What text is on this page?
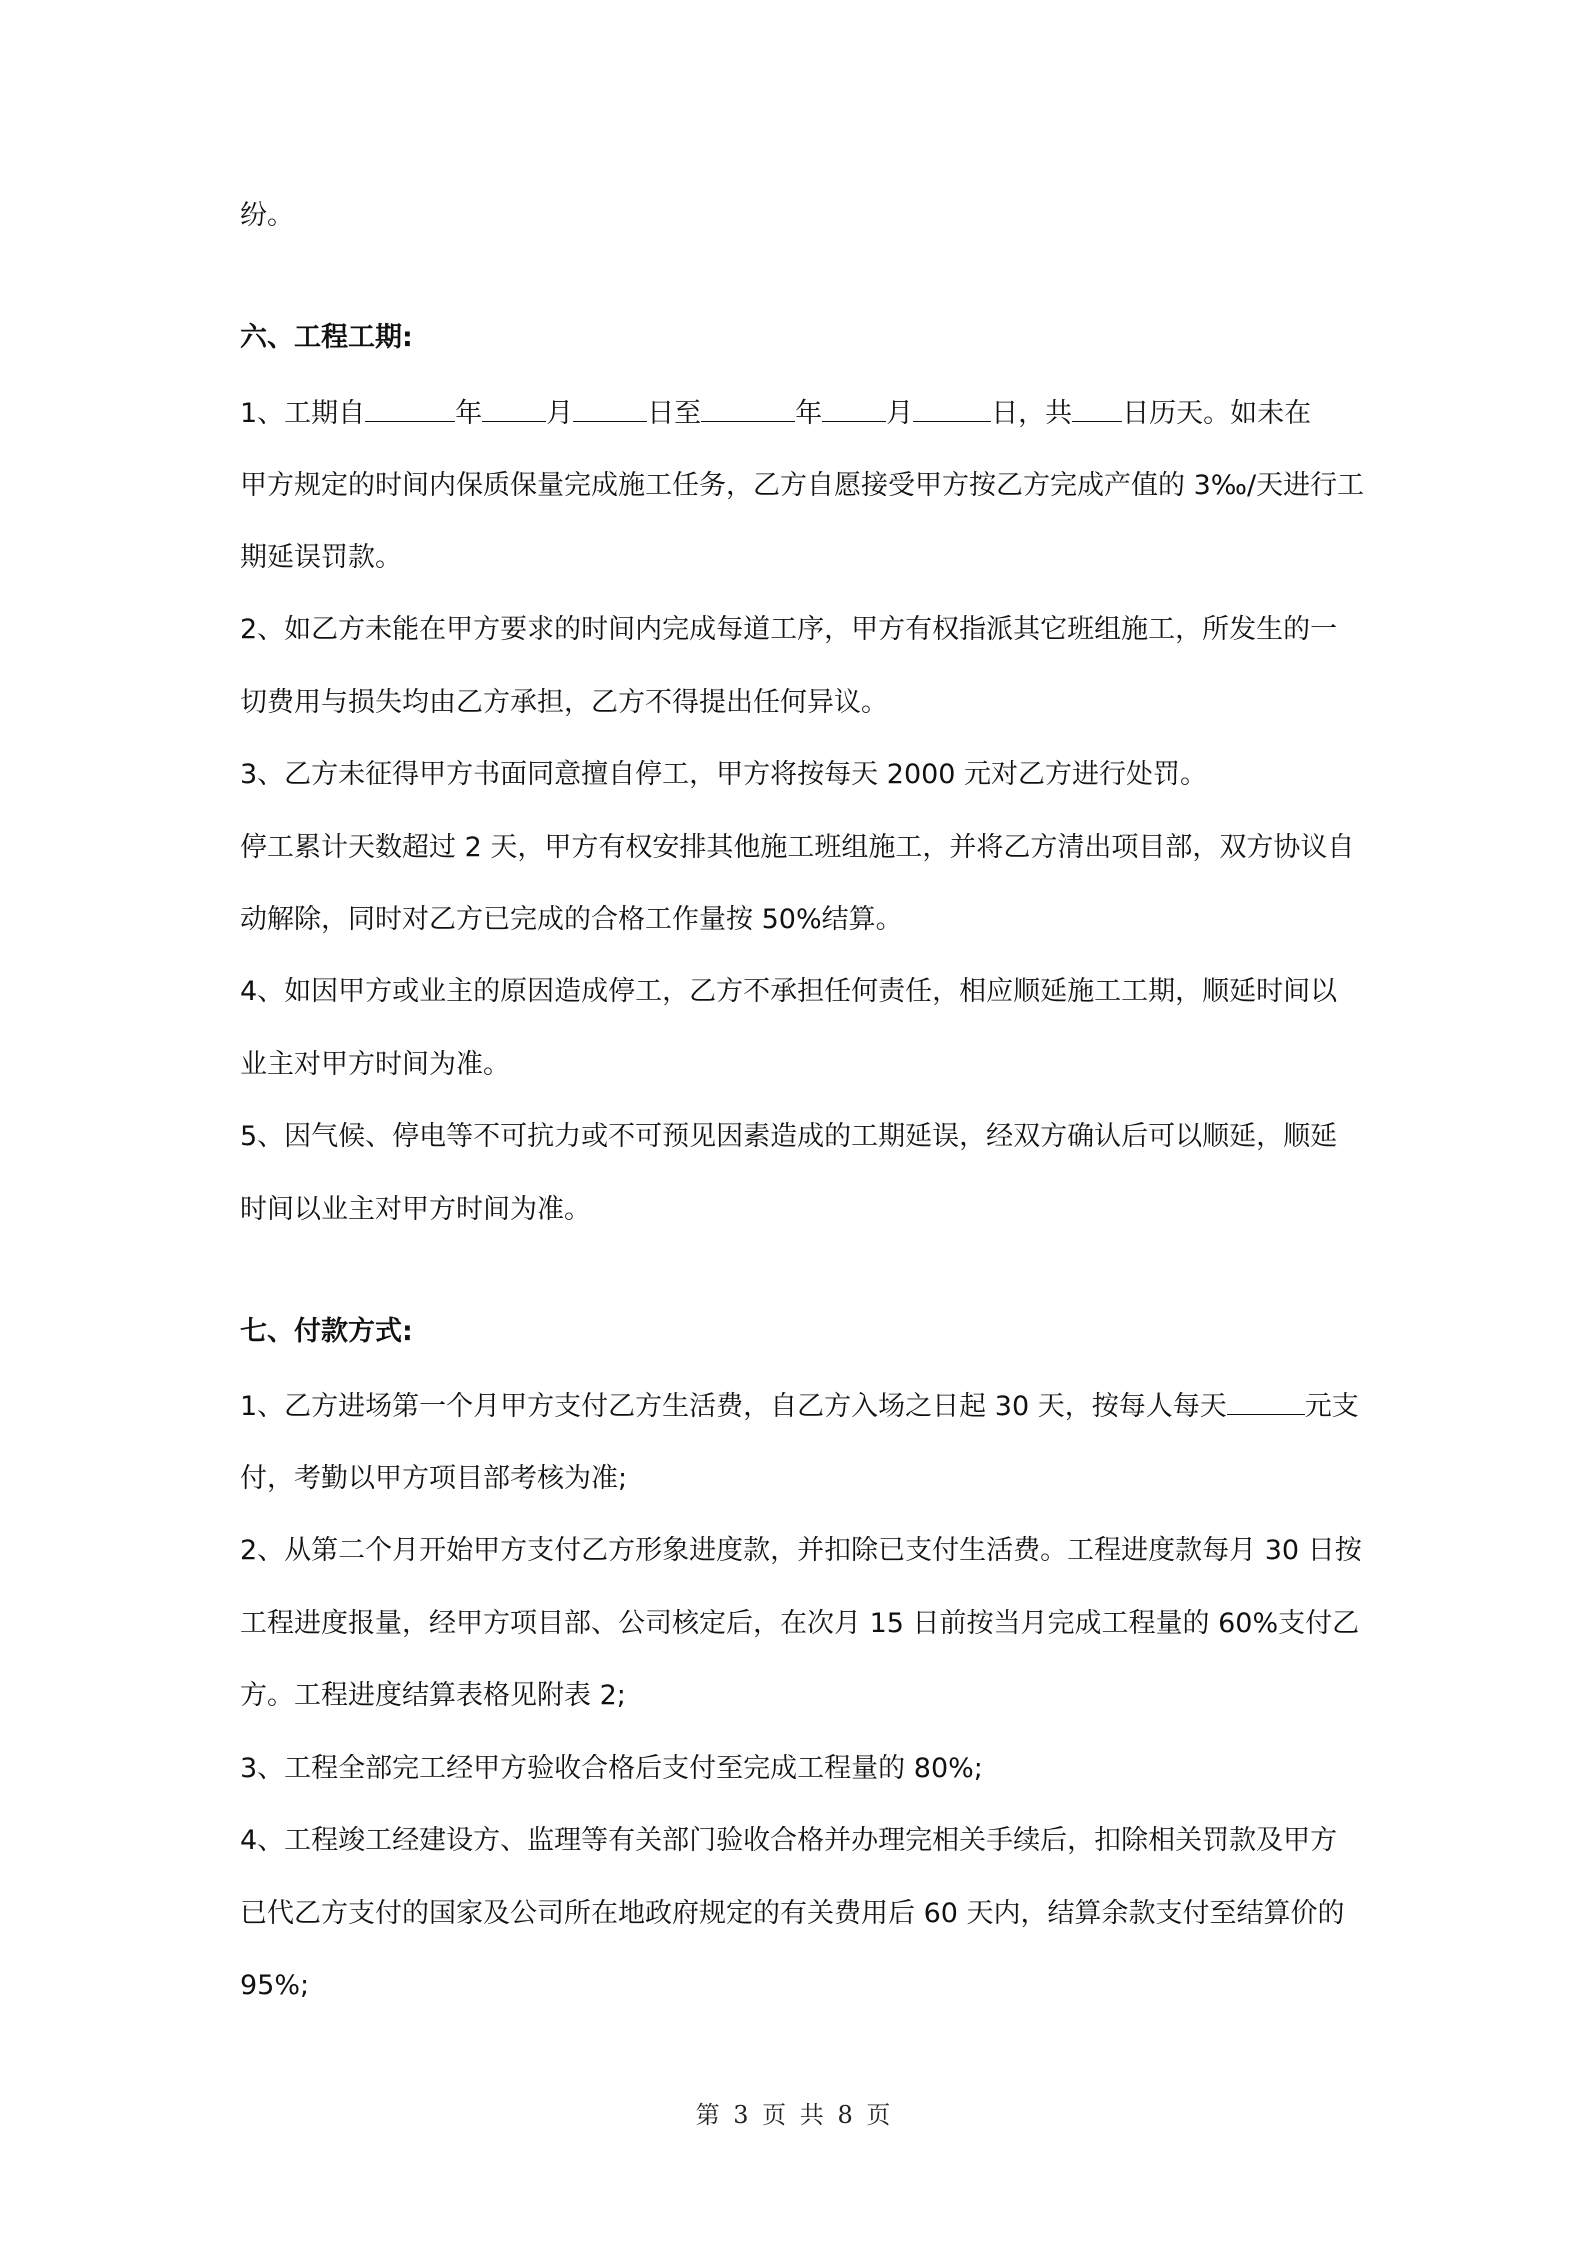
纷。

六、工程工期:

1、工期自	年 月	日至	年 月	日，共 日历天。如未在

甲方规定的时间内保质保量完成施工任务，乙方自愿接受甲方按乙方完成产值的 3‰/天进行工

期延误罚款。

2、如乙方未能在甲方要求的时间内完成每道工序，甲方有权指派其它班组施工，所发生的一

切费用与损失均由乙方承担，乙方不得提出任何异议。

3、乙方未征得甲方书面同意擅自停工，甲方将按每天 2000 元对乙方进行处罚。

停工累计天数超过 2 天，甲方有权安排其他施工班组施工，并将乙方清出项目部，双方协议自

动解除，同时对乙方已完成的合格工作量按 50%结算。

4、如因甲方或业主的原因造成停工，乙方不承担任何责任，相应顺延施工工期，顺延时间以

业主对甲方时间为准。

5、因气候、停电等不可抗力或不可预见因素造成的工期延误，经双方确认后可以顺延，顺延

时间以业主对甲方时间为准。

七、付款方式:

1、乙方进场第一个月甲方支付乙方生活费，自乙方入场之日起 30 天，按每人每天	元支

付，考勤以甲方项目部考核为准;

2、从第二个月开始甲方支付乙方形象进度款，并扣除已支付生活费。工程进度款每月 30 日按

工程进度报量，经甲方项目部、公司核定后，在次月 15 日前按当月完成工程量的 60%支付乙

方。工程进度结算表格见附表 2;

3、工程全部完工经甲方验收合格后支付至完成工程量的 80%;

4、工程竣工经建设方、监理等有关部门验收合格并办理完相关手续后，扣除相关罚款及甲方

已代乙方支付的国家及公司所在地政府规定的有关费用后 60 天内，结算余款支付至结算价的

95%;

第 3 页 共 8 页
